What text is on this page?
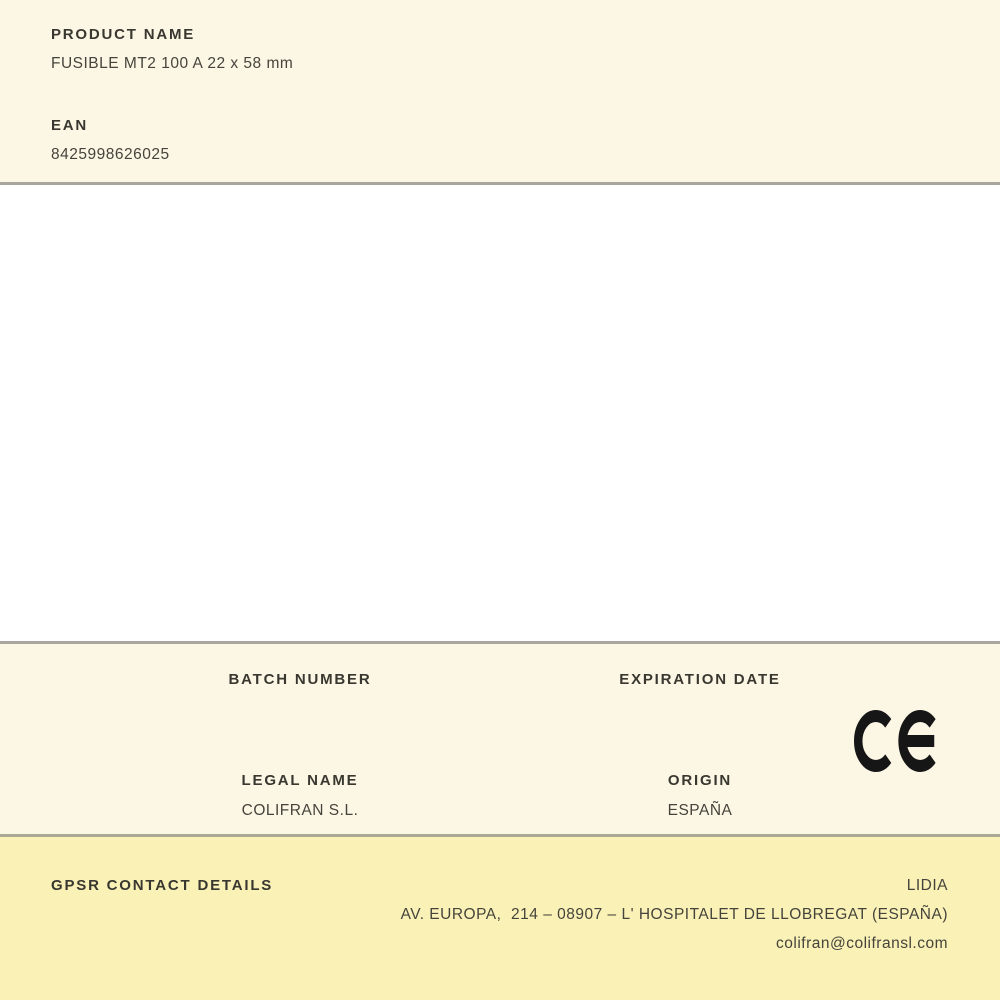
PRODUCT NAME
FUSIBLE MT2 100 A 22 x 58 mm
EAN
8425998626025
BATCH NUMBER	EXPIRATION DATE
LEGAL NAME
COLIFRAN S.L.
ORIGIN
ESPAÑA
GPSR CONTACT DETAILS	LIDIA
AV. EUROPA,  214 – 08907 – L' HOSPITALET DE LLOBREGAT (ESPAÑA)
colifran@colifransl.com
